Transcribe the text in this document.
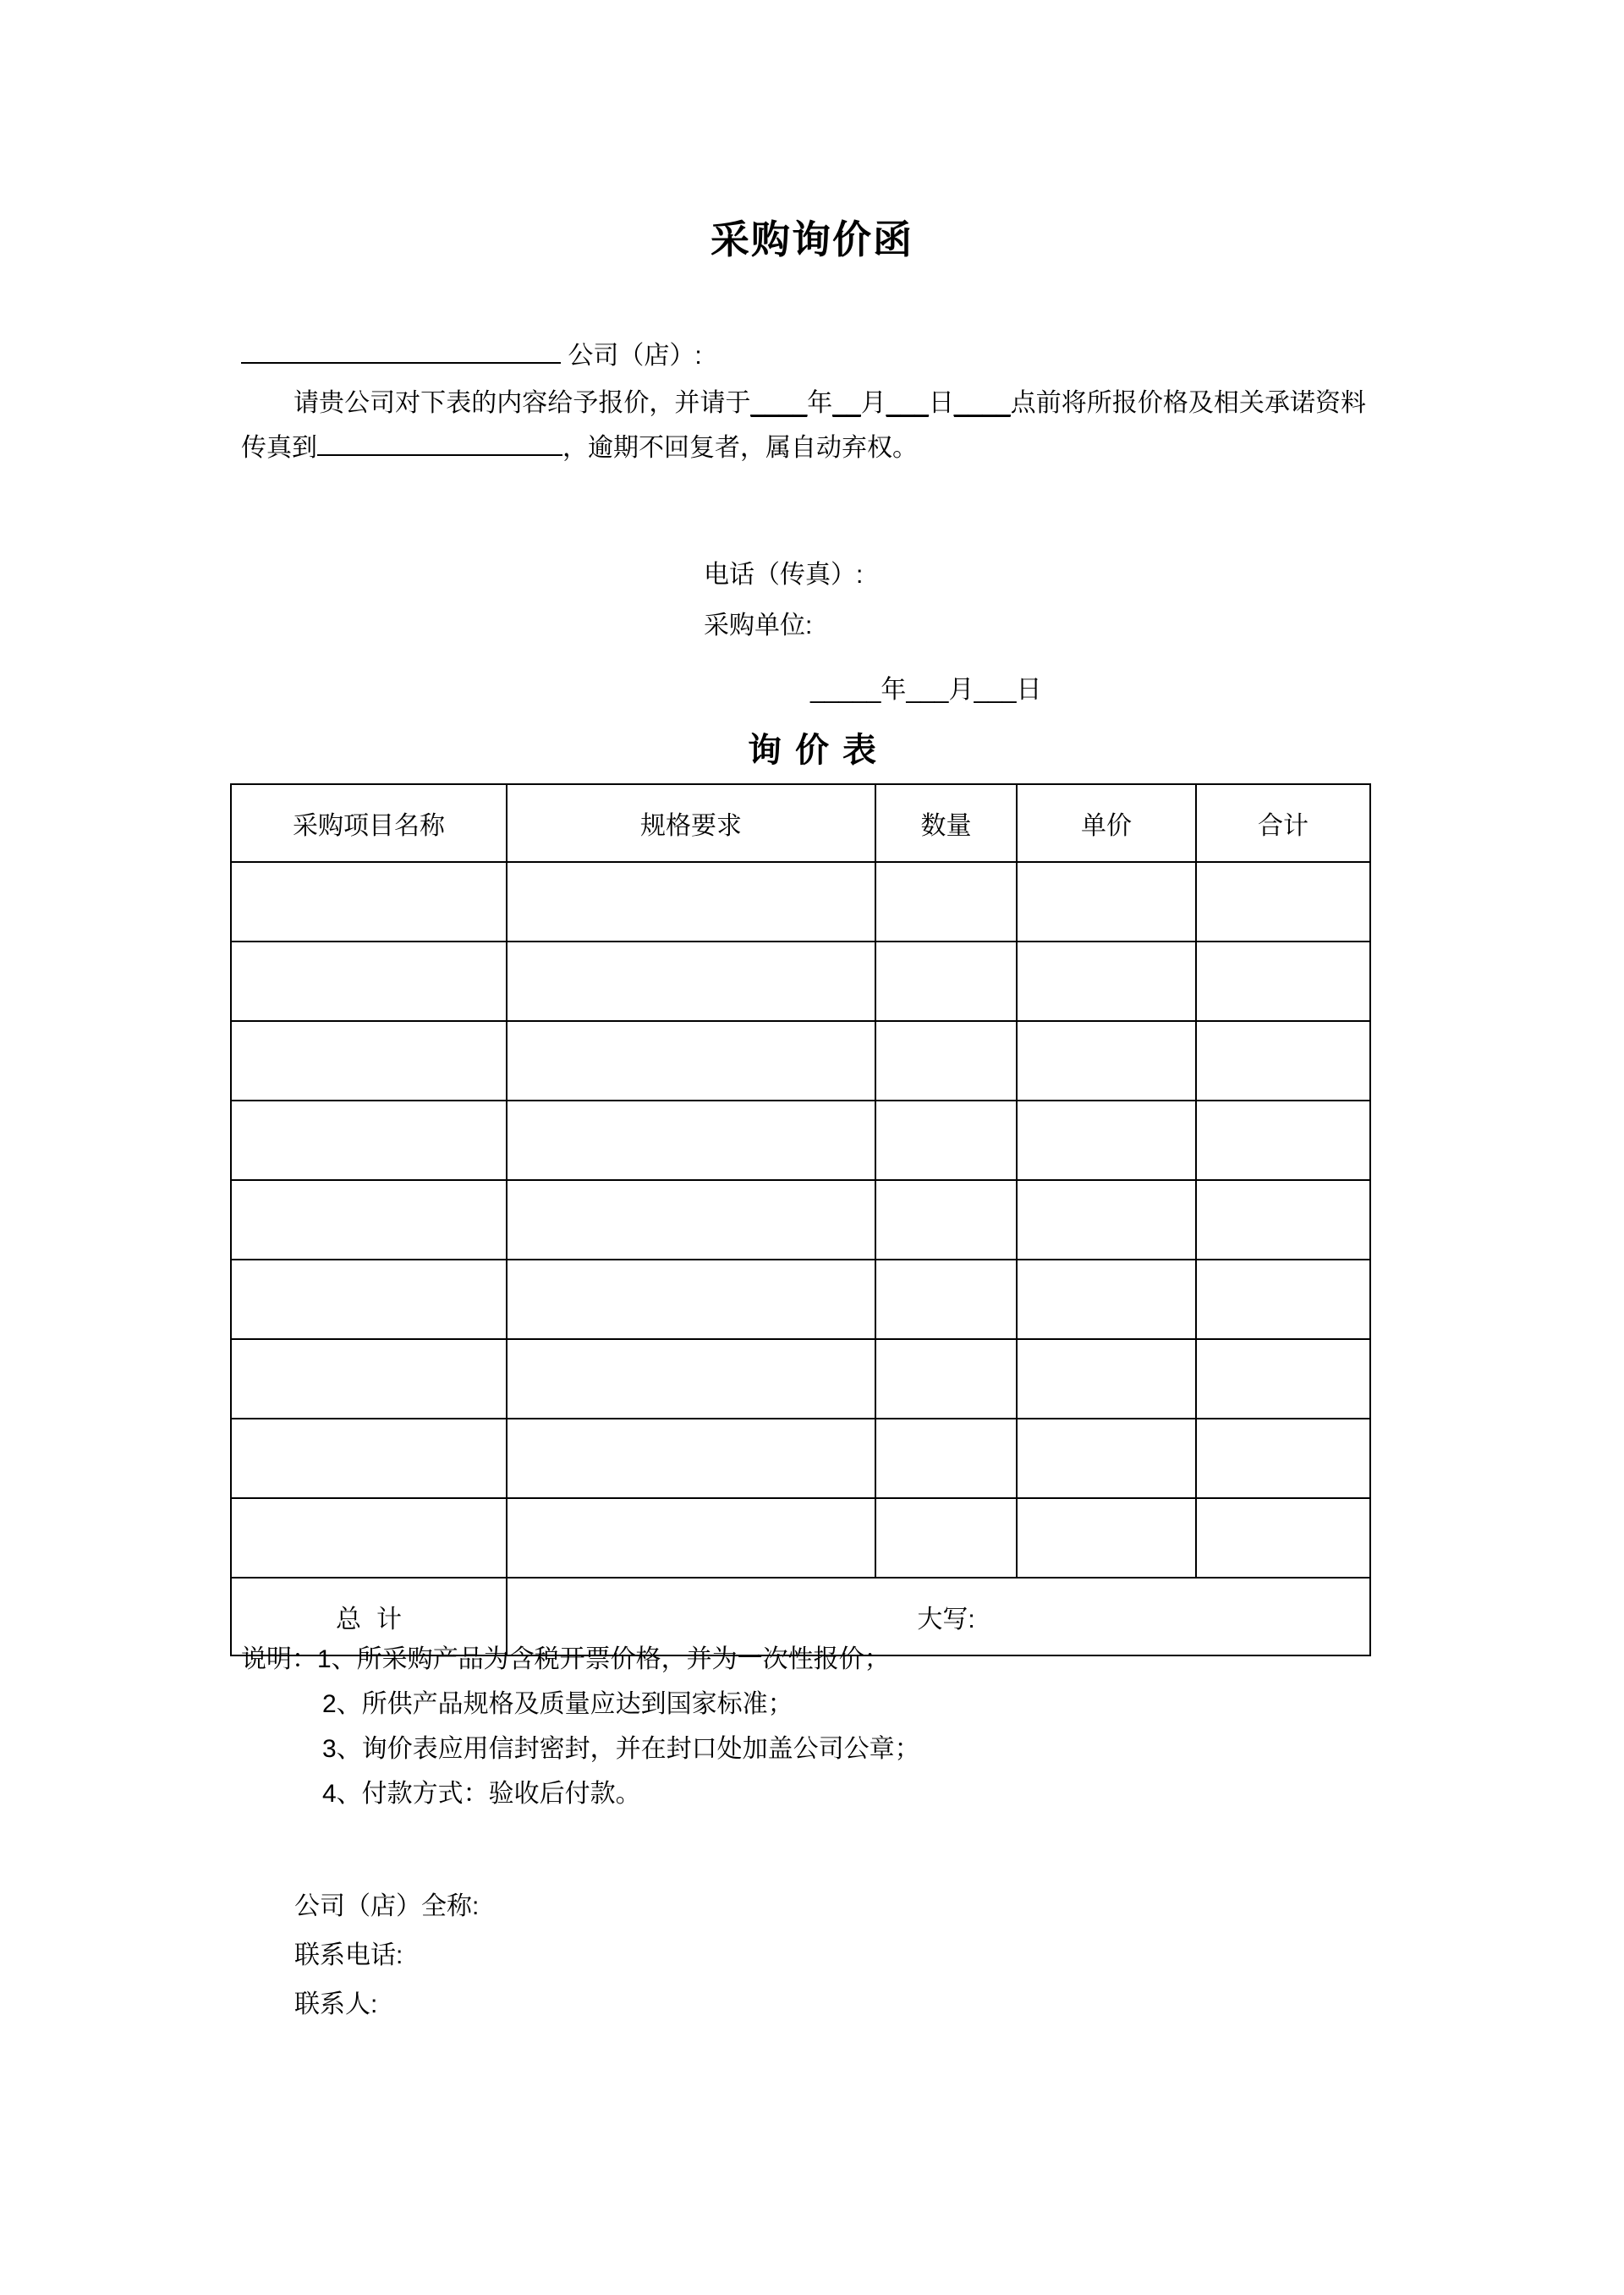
采购询价函
公司（店）:
请贵公司对下表的内容给予报价，并请于____年__月___日____点前将所报价格及相关承诺资料传真到	，逾期不回复者，属自动弃权。
电话（传真）:
采购单位:
_____年___月___日
询价表
采购项目名称	规格要求	数量	单价	合计

总计	大写:			
说明：1、所采购产品为含税开票价格，并为一次性报价；
2、所供产品规格及质量应达到国家标准；
3、询价表应用信封密封，并在封口处加盖公司公章；
4、付款方式：验收后付款。
公司（店）全称:
联系电话:
联系人:
